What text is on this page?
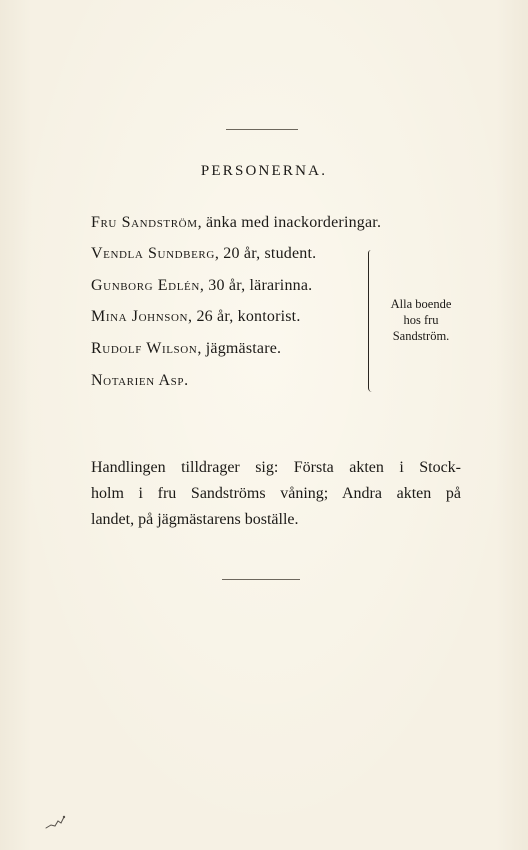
PERSONERNA.
Fru Sandström, änka med inackorderingar.
Vendla Sundberg, 20 år, student.
Gunborg Edlén, 30 år, lärarinna.
Mina Johnson, 26 år, kontorist.
Rudolf Wilson, jägmästare.
Notarien Asp.
Alla boende
hos fru
Sandström.
Handlingen tilldrager sig: Första akten i Stock-
holm i fru Sandströms våning; Andra akten på
landet, på jägmästarens boställe.
